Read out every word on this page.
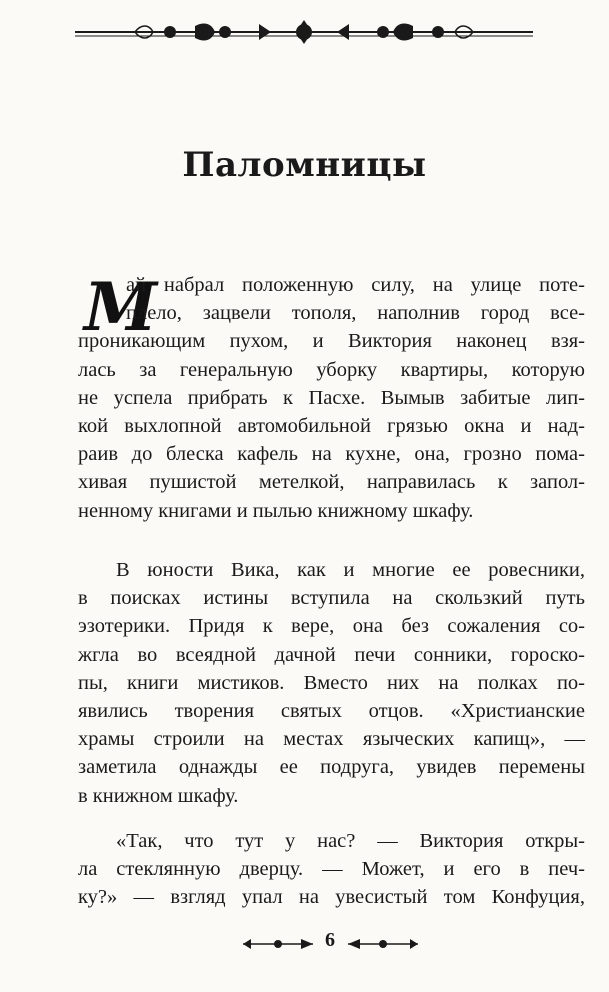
Паломницы
М
ай набрал положенную силу, на улице поте-
плело, зацвели тополя, наполнив город все-
проникающим пухом, и Виктория наконец взя-
лась за генеральную уборку квартиры, которую
не успела прибрать к Пасхе. Вымыв забитые лип-
кой выхлопной автомобильной грязью окна и над-
раив до блеска кафель на кухне, она, грозно пома-
хивая пушистой метелкой, направилась к запол-
ненному книгами и пылью книжному шкафу.
В юности Вика, как и многие ее ровесники,
в поисках истины вступила на скользкий путь
эзотерики. Придя к вере, она без сожаления со-
жгла во всеядной дачной печи сонники, гороско-
пы, книги мистиков. Вместо них на полках по-
явились творения святых отцов. «Христианские
храмы строили на местах языческих капищ», —
заметила однажды ее подруга, увидев перемены
в книжном шкафу.
«Так, что тут у нас? — Виктория откры-
ла стеклянную дверцу. — Может, и его в печ-
ку?» — взгляд упал на увесистый том Конфуция,
6
